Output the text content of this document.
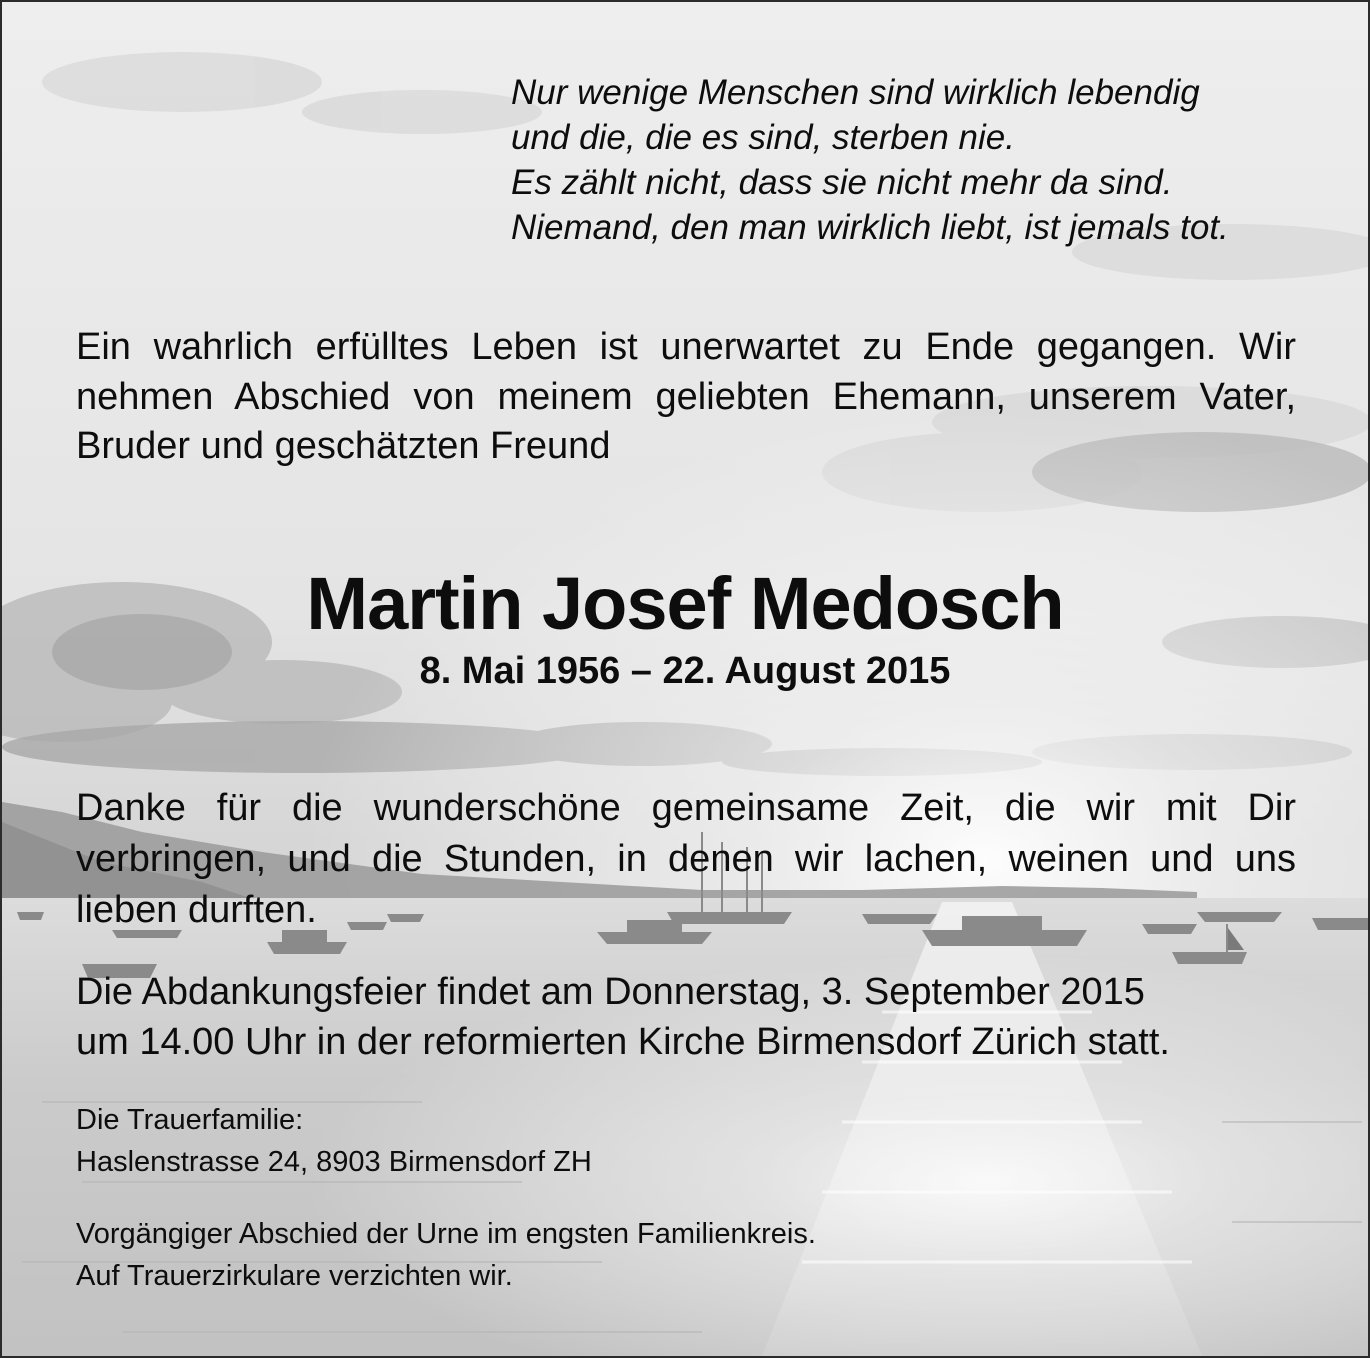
Nur wenige Menschen sind wirklich lebendig
und die, die es sind, sterben nie.
Es zählt nicht, dass sie nicht mehr da sind.
Niemand, den man wirklich liebt, ist jemals tot.

Ein wahrlich erfülltes Leben ist unerwartet zu Ende gegangen. Wir nehmen Abschied von meinem geliebten Ehemann, unserem Vater, Bruder und geschätzten Freund

Martin Josef Medosch

8. Mai 1956 – 22. August 2015

Danke für die wunderschöne gemeinsame Zeit, die wir mit Dir verbringen, und die Stunden, in denen wir lachen, weinen und uns lieben durften.

Die Abdankungsfeier findet am Donnerstag, 3. September 2015
um 14.00 Uhr in der reformierten Kirche Birmensdorf Zürich statt.

Die Trauerfamilie:
Haslenstrasse 24, 8903 Birmensdorf ZH

Vorgängiger Abschied der Urne im engsten Familienkreis.
Auf Trauerzirkulare verzichten wir.
